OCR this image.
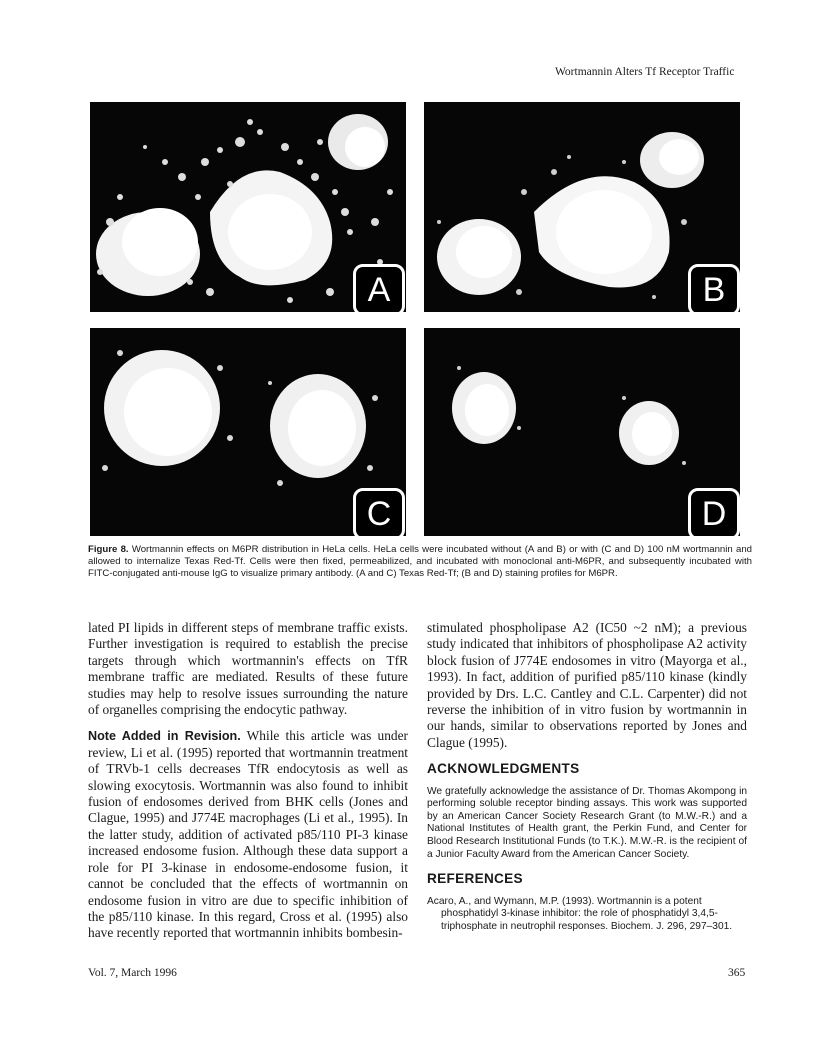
Wortmannin Alters Tf Receptor Traffic
A	B
C	D
Figure 8. Wortmannin effects on M6PR distribution in HeLa cells. HeLa cells were incubated without (A and B) or with (C and D) 100 nM wortmannin and allowed to internalize Texas Red-Tf. Cells were then fixed, permeabilized, and incubated with monoclonal anti-M6PR, and subsequently incubated with FITC-conjugated anti-mouse IgG to visualize primary antibody. (A and C) Texas Red-Tf; (B and D) staining profiles for M6PR.

lated PI lipids in different steps of membrane traffic exists. Further investigation is required to establish the precise targets through which wortmannin's effects on TfR membrane traffic are mediated. Results of these future studies may help to resolve issues surrounding the nature of organelles comprising the endocytic pathway.

Note Added in Revision. While this article was under review, Li et al. (1995) reported that wortmannin treatment of TRVb-1 cells decreases TfR endocytosis as well as slowing exocytosis. Wortmannin was also found to inhibit fusion of endosomes derived from BHK cells (Jones and Clague, 1995) and J774E macrophages (Li et al., 1995). In the latter study, addition of activated p85/110 PI-3 kinase increased endosome fusion. Although these data support a role for PI 3-kinase in endosome-endosome fusion, it cannot be concluded that the effects of wortmannin on endosome fusion in vitro are due to specific inhibition of the p85/110 kinase. In this regard, Cross et al. (1995) also have recently reported that wortmannin inhibits bombesin-

stimulated phospholipase A2 (IC50 ~2 nM); a previous study indicated that inhibitors of phospholipase A2 activity block fusion of J774E endosomes in vitro (Mayorga et al., 1993). In fact, addition of purified p85/110 kinase (kindly provided by Drs. L.C. Cantley and C.L. Carpenter) did not reverse the inhibition of in vitro fusion by wortmannin in our hands, similar to observations reported by Jones and Clague (1995).

ACKNOWLEDGMENTS

We gratefully acknowledge the assistance of Dr. Thomas Akompong in performing soluble receptor binding assays. This work was supported by an American Cancer Society Research Grant (to M.W.-R.) and a National Institutes of Health grant, the Perkin Fund, and Center for Blood Research Institutional Funds (to T.K.). M.W.-R. is the recipient of a Junior Faculty Award from the American Cancer Society.

REFERENCES

Acaro, A., and Wymann, M.P. (1993). Wortmannin is a potent phosphatidyl 3-kinase inhibitor: the role of phosphatidyl 3,4,5-triphosphate in neutrophil responses. Biochem. J. 296, 297–301.

Vol. 7, March 1996	365
